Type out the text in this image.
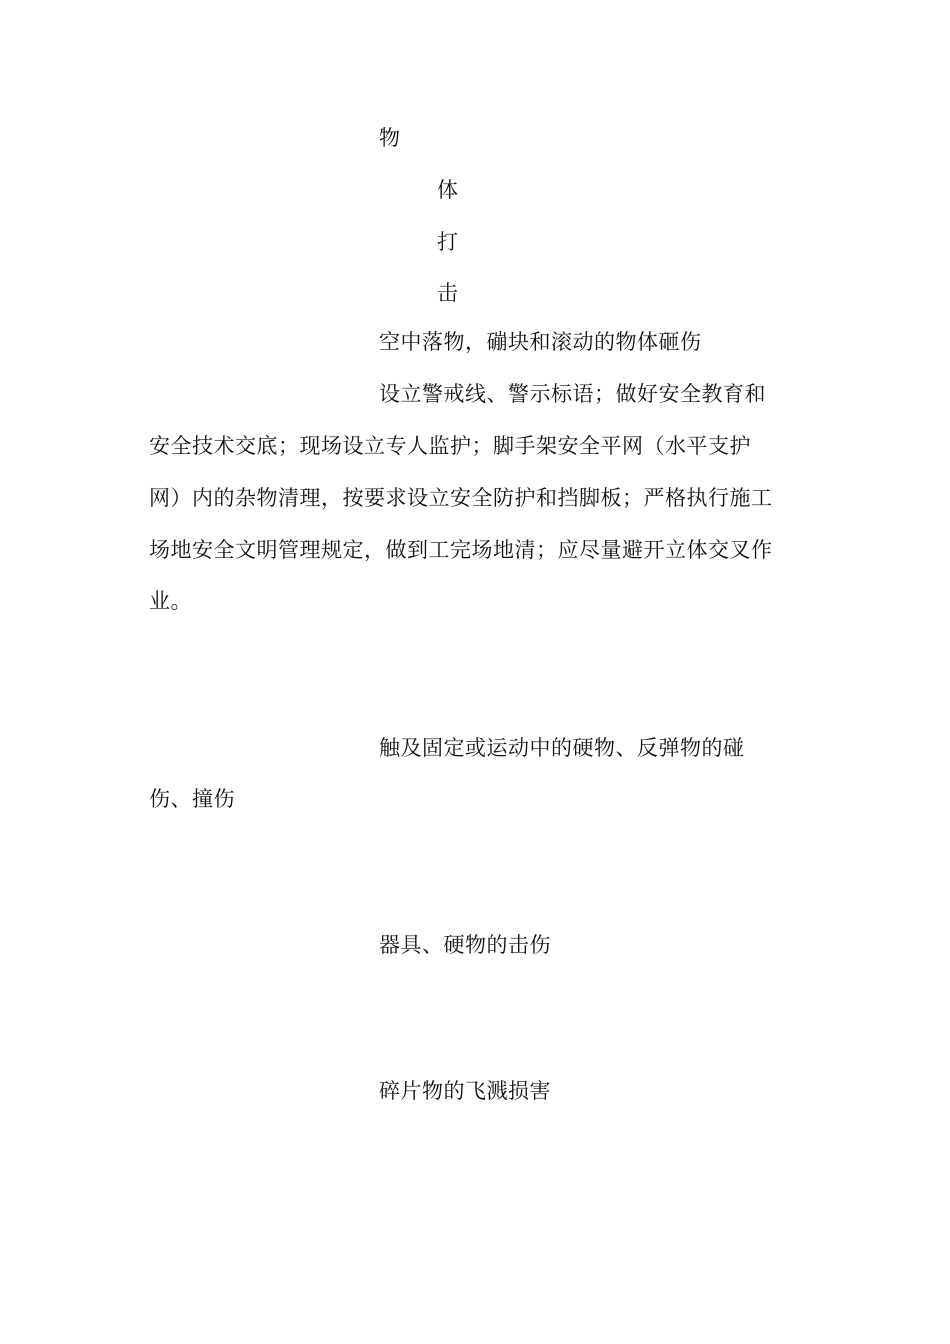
物
体
打
击
空中落物，磞块和滚动的物体砸伤
设立警戒线、警示标语；做好安全教育和
安全技术交底；现场设立专人监护；脚手架安全平网（水平支护
网）内的杂物清理，按要求设立安全防护和挡脚板；严格执行施工
场地安全文明管理规定，做到工完场地清；应尽量避开立体交叉作
业。
触及固定或运动中的硬物、反弹物的碰
伤、撞伤
器具、硬物的击伤
碎片物的飞溅损害
